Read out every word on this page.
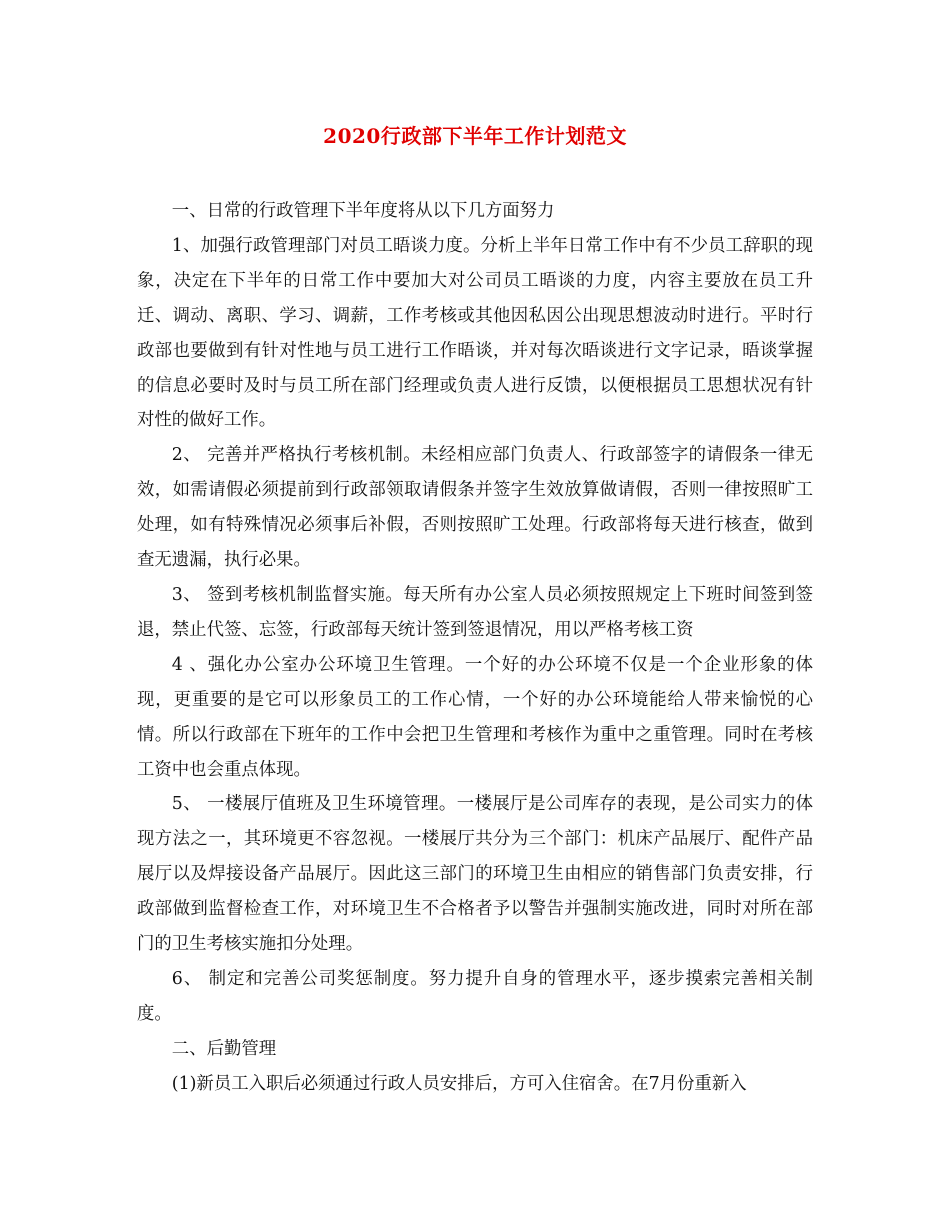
2020行政部下半年工作计划范文

一、日常的行政管理下半年度将从以下几方面努力

1、加强行政管理部门对员工晤谈力度。分析上半年日常工作中有不少员工辞职的现象，决定在下半年的日常工作中要加大对公司员工晤谈的力度，内容主要放在员工升迁、调动、离职、学习、调薪，工作考核或其他因私因公出现思想波动时进行。平时行政部也要做到有针对性地与员工进行工作晤谈，并对每次晤谈进行文字记录，晤谈掌握的信息必要时及时与员工所在部门经理或负责人进行反馈，以便根据员工思想状况有针对性的做好工作。

2、 完善并严格执行考核机制。未经相应部门负责人、行政部签字的请假条一律无效，如需请假必须提前到行政部领取请假条并签字生效放算做请假，否则一律按照旷工处理，如有特殊情况必须事后补假，否则按照旷工处理。行政部将每天进行核查，做到查无遗漏，执行必果。

3、 签到考核机制监督实施。每天所有办公室人员必须按照规定上下班时间签到签退，禁止代签、忘签，行政部每天统计签到签退情况，用以严格考核工资

4 、强化办公室办公环境卫生管理。一个好的办公环境不仅是一个企业形象的体现，更重要的是它可以形象员工的工作心情，一个好的办公环境能给人带来愉悦的心情。所以行政部在下班年的工作中会把卫生管理和考核作为重中之重管理。同时在考核工资中也会重点体现。

5、 一楼展厅值班及卫生环境管理。一楼展厅是公司库存的表现，是公司实力的体现方法之一，其环境更不容忽视。一楼展厅共分为三个部门：机床产品展厅、配件产品展厅以及焊接设备产品展厅。因此这三部门的环境卫生由相应的销售部门负责安排，行政部做到监督检查工作，对环境卫生不合格者予以警告并强制实施改进，同时对所在部门的卫生考核实施扣分处理。

6、 制定和完善公司奖惩制度。努力提升自身的管理水平，逐步摸索完善相关制度。

二、后勤管理

(1)新员工入职后必须通过行政人员安排后，方可入住宿舍。在7月份重新入
